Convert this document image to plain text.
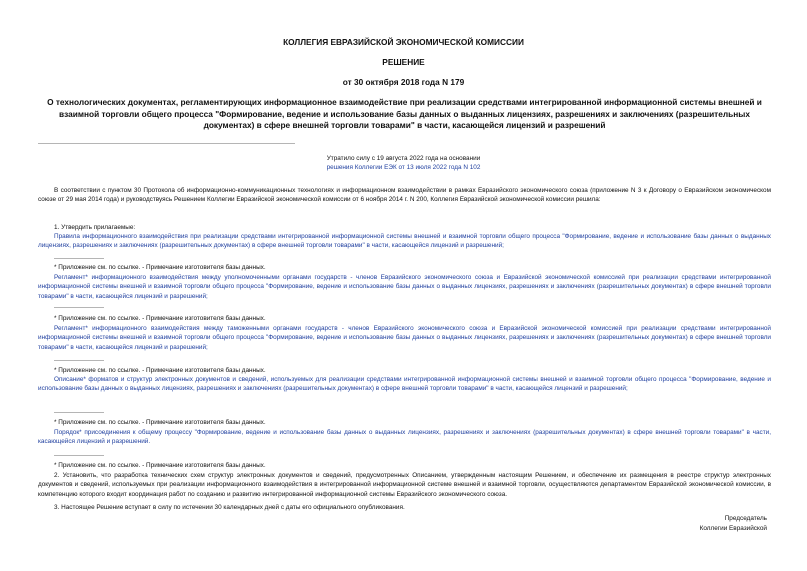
КОЛЛЕГИЯ ЕВРАЗИЙСКОЙ ЭКОНОМИЧЕСКОЙ КОМИССИИ
РЕШЕНИЕ
от 30 октября 2018 года N 179
О технологических документах, регламентирующих информационное взаимодействие при реализации средствами интегрированной информационной системы внешней и взаимной торговли общего процесса "Формирование, ведение и использование базы данных о выданных лицензиях, разрешениях и заключениях (разрешительных документах) в сфере внешней торговли товарами" в части, касающейся лицензий и разрешений
Утратило силу с 19 августа 2022 года на основании
решения Коллегии ЕЭК от 13 июля 2022 года N 102
В соответствии с пунктом 30 Протокола об информационно-коммуникационных технологиях и информационном взаимодействии в рамках Евразийского экономического союза (приложение N 3 к Договору о Евразийском экономическом союзе от 29 мая 2014 года) и руководствуясь Решением Коллегии Евразийской экономической комиссии от 6 ноября 2014 г. N 200, Коллегия Евразийской экономической комиссии решила:
1. Утвердить прилагаемые:
Правила информационного взаимодействия при реализации средствами интегрированной информационной системы внешней и взаимной торговли общего процесса "Формирование, ведение и использование базы данных о выданных лицензиях, разрешениях и заключениях (разрешительных документах) в сфере внешней торговли товарами" в части, касающейся лицензий и разрешений;
* Приложение см. по ссылке. - Примечание изготовителя базы данных.
Регламент* информационного взаимодействия между уполномоченными органами государств - членов Евразийского экономического союза и Евразийской экономической комиссией при реализации средствами интегрированной информационной системы внешней и взаимной торговли общего процесса "Формирование, ведение и использование базы данных о выданных лицензиях, разрешениях и заключениях (разрешительных документах) в сфере внешней торговли товарами" в части, касающейся лицензий и разрешений;
* Приложение см. по ссылке. - Примечание изготовителя базы данных.
Регламент* информационного взаимодействия между таможенными органами государств - членов Евразийского экономического союза и Евразийской экономической комиссией при реализации средствами интегрированной информационной системы внешней и взаимной торговли общего процесса "Формирование, ведение и использование базы данных о выданных лицензиях, разрешениях и заключениях (разрешительных документах) в сфере внешней торговли товарами" в части, касающейся лицензий и разрешений;
* Приложение см. по ссылке. - Примечание изготовителя базы данных.
Описание* форматов и структур электронных документов и сведений, используемых для реализации средствами интегрированной информационной системы внешней и взаимной торговли общего процесса "Формирование, ведение и использование базы данных о выданных лицензиях, разрешениях и заключениях (разрешительных документах) в сфере внешней торговли товарами" в части, касающейся лицензий и разрешений;
* Приложение см. по ссылке. - Примечание изготовителя базы данных.
Порядок* присоединения к общему процессу "Формирование, ведение и использование базы данных о выданных лицензиях, разрешениях и заключениях (разрешительных документах) в сфере внешней торговли товарами" в части, касающейся лицензий и разрешений.
* Приложение см. по ссылке. - Примечание изготовителя базы данных.
2. Установить, что разработка технических схем структур электронных документов и сведений, предусмотренных Описанием, утвержденным настоящим Решением, и обеспечение их размещения в реестре структур электронных документов и сведений, используемых при реализации информационного взаимодействия в интегрированной информационной системе внешней и взаимной торговли, осуществляются департаментом Евразийской экономической комиссии, в компетенцию которого входит координация работ по созданию и развитию интегрированной информационной системы Евразийского экономического союза.
3. Настоящее Решение вступает в силу по истечении 30 календарных дней с даты его официального опубликования.
Председатель
Коллегии Евразийской
